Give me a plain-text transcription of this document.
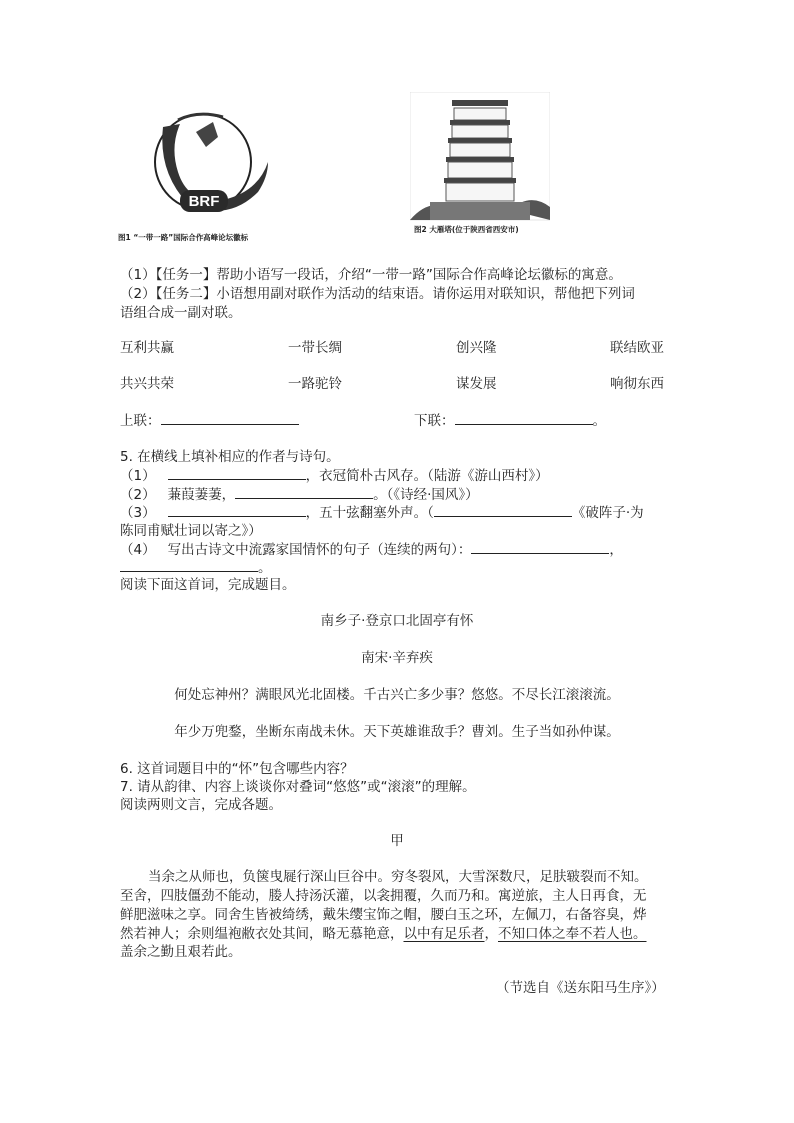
BRF
图1 “一带一路”国际合作高峰论坛徽标
图2 大雁塔(位于陕西省西安市)
（1）【任务一】帮助小语写一段话，介绍“一带一路”国际合作高峰论坛徽标的寓意。
（2）【任务二】小语想用副对联作为活动的结束语。请你运用对联知识，帮他把下列词
语组合成一副对联。
互利共赢	一带长绸	创兴隆	联结欧亚
共兴共荣	一路驼铃	谋发展	响彻东西
上联：	下联：	。
5. 在横线上填补相应的作者与诗句。
（1）	，衣冠简朴古风存。（陆游《游山西村》）
（2） 蒹葭萋萋，	。（《诗经·国风》）
（3）	，五十弦翻塞外声。（	《破阵子·为
陈同甫赋壮词以寄之》）
（4） 写出古诗文中流露家国情怀的句子（连续的两句）：	，
。
阅读下面这首词，完成题目。
南乡子·登京口北固亭有怀
南宋·辛弃疾
何处忘神州？满眼风光北固楼。千古兴亡多少事？悠悠。不尽长江滚滚流。
年少万兜鍪，坐断东南战未休。天下英雄谁敌手？曹刘。生子当如孙仲谋。
6. 这首词题目中的“怀”包含哪些内容？
7. 请从韵律、内容上谈谈你对叠词“悠悠”或“滚滚”的理解。
阅读两则文言，完成各题。
甲
当余之从师也，负箧曳屣行深山巨谷中。穷冬裂风，大雪深数尺，足肤皲裂而不知。
至舍，四肢僵劲不能动，媵人持汤沃灌，以衾拥覆，久而乃和。寓逆旅，主人日再食，无
鲜肥滋味之享。同舍生皆被绮绣，戴朱缨宝饰之帽，腰白玉之环，左佩刀，右备容臭，烨
然若神人；余则缊袍敝衣处其间，略无慕艳意，以中有足乐者，不知口体之奉不若人也。
盖余之勤且艰若此。
（节选自《送东阳马生序》）
